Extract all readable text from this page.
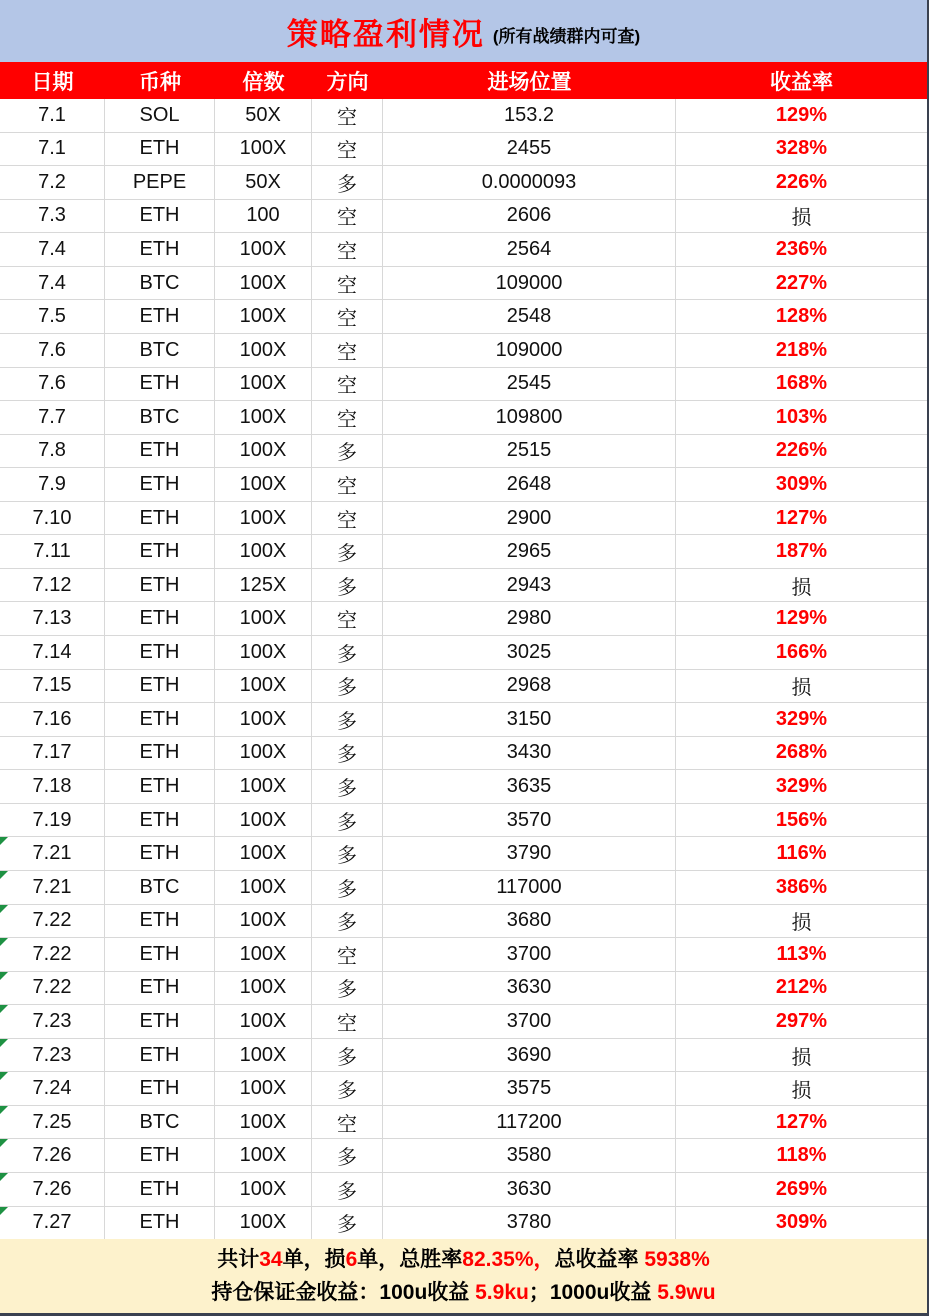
策略盈利情况 (所有战绩群内可查)
日期	币种	倍数	方向	进场位置	收益率
7.1	SOL	50X	空	153.2	129%
7.1	ETH	100X	空	2455	328%
7.2	PEPE	50X	多	0.0000093	226%
7.3	ETH	100	空	2606	损
7.4	ETH	100X	空	2564	236%
7.4	BTC	100X	空	109000	227%
7.5	ETH	100X	空	2548	128%
7.6	BTC	100X	空	109000	218%
7.6	ETH	100X	空	2545	168%
7.7	BTC	100X	空	109800	103%
7.8	ETH	100X	多	2515	226%
7.9	ETH	100X	空	2648	309%
7.10	ETH	100X	空	2900	127%
7.11	ETH	100X	多	2965	187%
7.12	ETH	125X	多	2943	损
7.13	ETH	100X	空	2980	129%
7.14	ETH	100X	多	3025	166%
7.15	ETH	100X	多	2968	损
7.16	ETH	100X	多	3150	329%
7.17	ETH	100X	多	3430	268%
7.18	ETH	100X	多	3635	329%
7.19	ETH	100X	多	3570	156%
7.21	ETH	100X	多	3790	116%
7.21	BTC	100X	多	117000	386%
7.22	ETH	100X	多	3680	损
7.22	ETH	100X	空	3700	113%
7.22	ETH	100X	多	3630	212%
7.23	ETH	100X	空	3700	297%
7.23	ETH	100X	多	3690	损
7.24	ETH	100X	多	3575	损
7.25	BTC	100X	空	117200	127%
7.26	ETH	100X	多	3580	118%
7.26	ETH	100X	多	3630	269%
7.27	ETH	100X	多	3780	309%
共计34单，损6单，总胜率82.35%，总收益率 5938%
持仓保证金收益：100u收益 5.9ku；1000u收益 5.9wu
